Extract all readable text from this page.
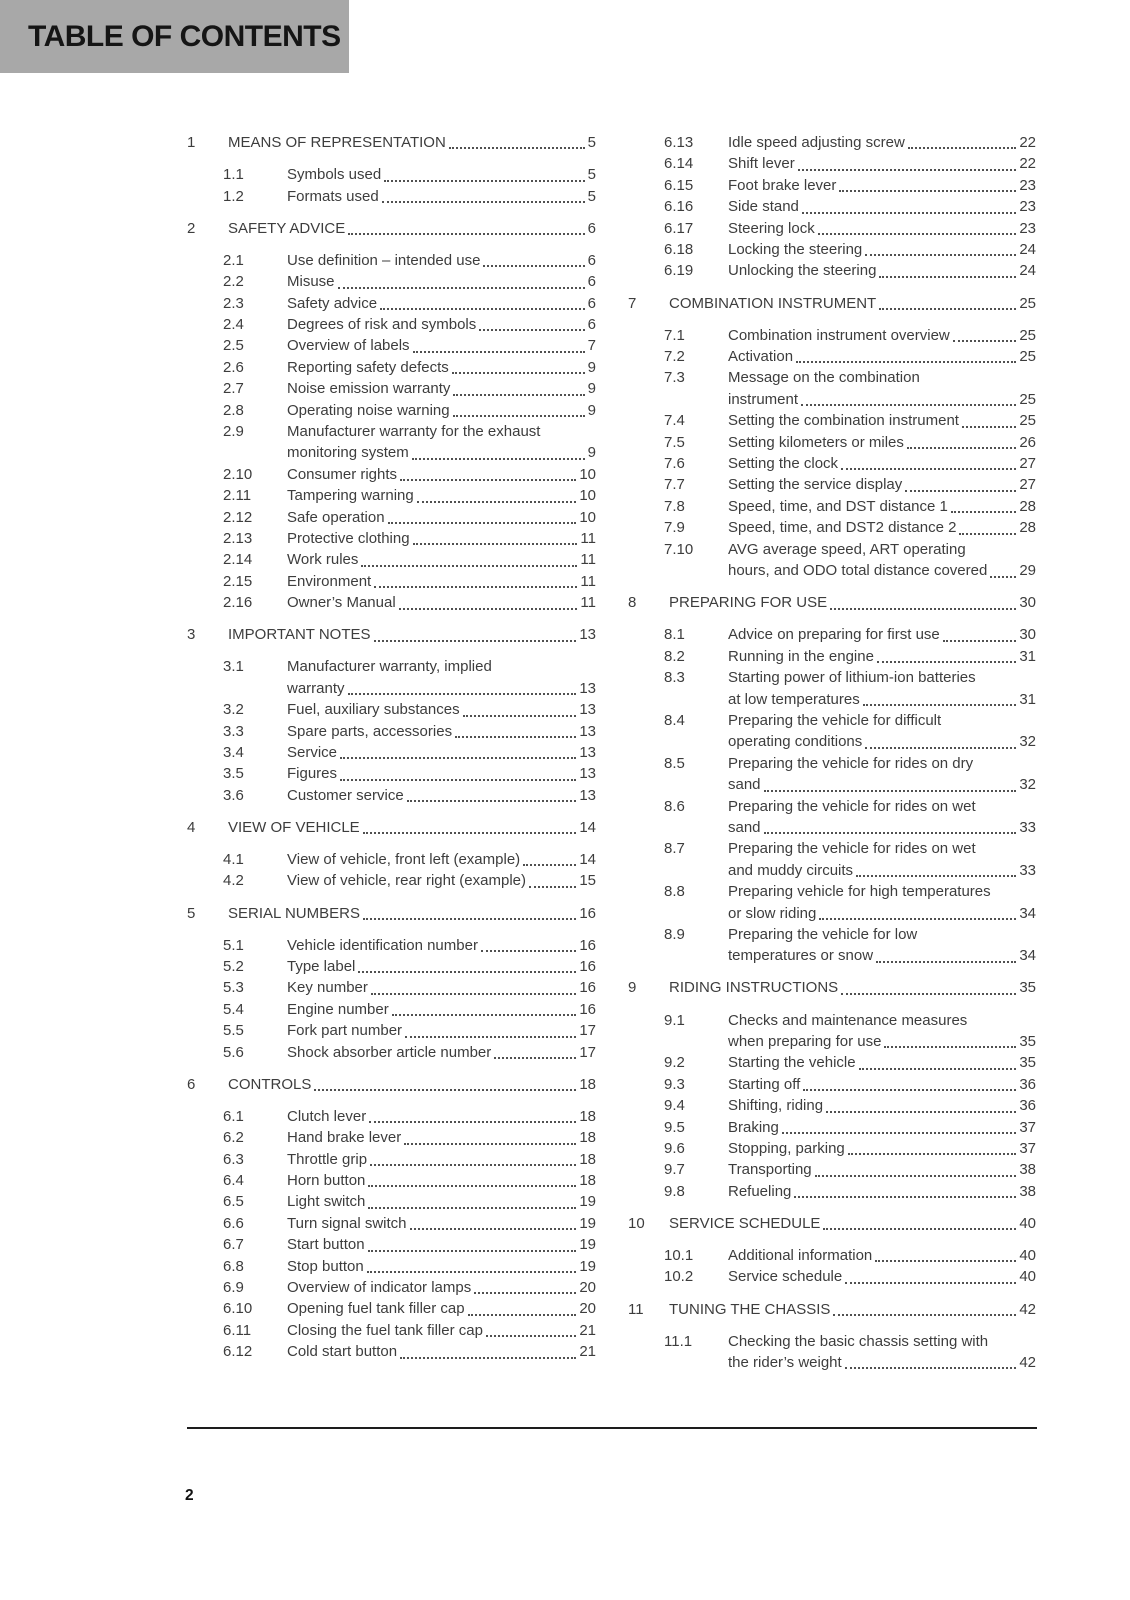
TABLE OF CONTENTS
1	MEANS OF REPRESENTATION	5
1.1	Symbols used	5
1.2	Formats used	5
2	SAFETY ADVICE	6
2.1	Use definition – intended use	6
2.2	Misuse	6
2.3	Safety advice	6
2.4	Degrees of risk and symbols	6
2.5	Overview of labels	7
2.6	Reporting safety defects	9
2.7	Noise emission warranty	9
2.8	Operating noise warning	9
2.9	Manufacturer warranty for the exhaust
monitoring system	9
2.10	Consumer rights	10
2.11	Tampering warning	10
2.12	Safe operation	10
2.13	Protective clothing	11
2.14	Work rules	11
2.15	Environment	11
2.16	Owner’s Manual	11
3	IMPORTANT NOTES	13
3.1	Manufacturer warranty, implied
warranty	13
3.2	Fuel, auxiliary substances	13
3.3	Spare parts, accessories	13
3.4	Service	13
3.5	Figures	13
3.6	Customer service	13
4	VIEW OF VEHICLE	14
4.1	View of vehicle, front left (example)	14
4.2	View of vehicle, rear right (example)	15
5	SERIAL NUMBERS	16
5.1	Vehicle identification number	16
5.2	Type label	16
5.3	Key number	16
5.4	Engine number	16
5.5	Fork part number	17
5.6	Shock absorber article number	17
6	CONTROLS	18
6.1	Clutch lever	18
6.2	Hand brake lever	18
6.3	Throttle grip	18
6.4	Horn button	18
6.5	Light switch	19
6.6	Turn signal switch	19
6.7	Start button	19
6.8	Stop button	19
6.9	Overview of indicator lamps	20
6.10	Opening fuel tank filler cap	20
6.11	Closing the fuel tank filler cap	21
6.12	Cold start button	21
6.13	Idle speed adjusting screw	22
6.14	Shift lever	22
6.15	Foot brake lever	23
6.16	Side stand	23
6.17	Steering lock	23
6.18	Locking the steering	24
6.19	Unlocking the steering	24
7	COMBINATION INSTRUMENT	25
7.1	Combination instrument overview	25
7.2	Activation	25
7.3	Message on the combination
instrument	25
7.4	Setting the combination instrument	25
7.5	Setting kilometers or miles	26
7.6	Setting the clock	27
7.7	Setting the service display	27
7.8	Speed, time, and DST distance 1	28
7.9	Speed, time, and DST2 distance 2	28
7.10	AVG average speed, ART operating
hours, and ODO total distance covered 29
8	PREPARING FOR USE	30
8.1	Advice on preparing for first use	30
8.2	Running in the engine	31
8.3	Starting power of lithium-ion batteries
at low temperatures	31
8.4	Preparing the vehicle for difficult
operating conditions	32
8.5	Preparing the vehicle for rides on dry
sand	32
8.6	Preparing the vehicle for rides on wet
sand	33
8.7	Preparing the vehicle for rides on wet
and muddy circuits	33
8.8	Preparing vehicle for high temperatures
or slow riding	34
8.9	Preparing the vehicle for low
temperatures or snow	34
9	RIDING INSTRUCTIONS	35
9.1	Checks and maintenance measures
when preparing for use	35
9.2	Starting the vehicle	35
9.3	Starting off	36
9.4	Shifting, riding	36
9.5	Braking	37
9.6	Stopping, parking	37
9.7	Transporting	38
9.8	Refueling	38
10	SERVICE SCHEDULE	40
10.1	Additional information	40
10.2	Service schedule	40
11	TUNING THE CHASSIS	42
11.1	Checking the basic chassis setting with
the rider’s weight	42
2
